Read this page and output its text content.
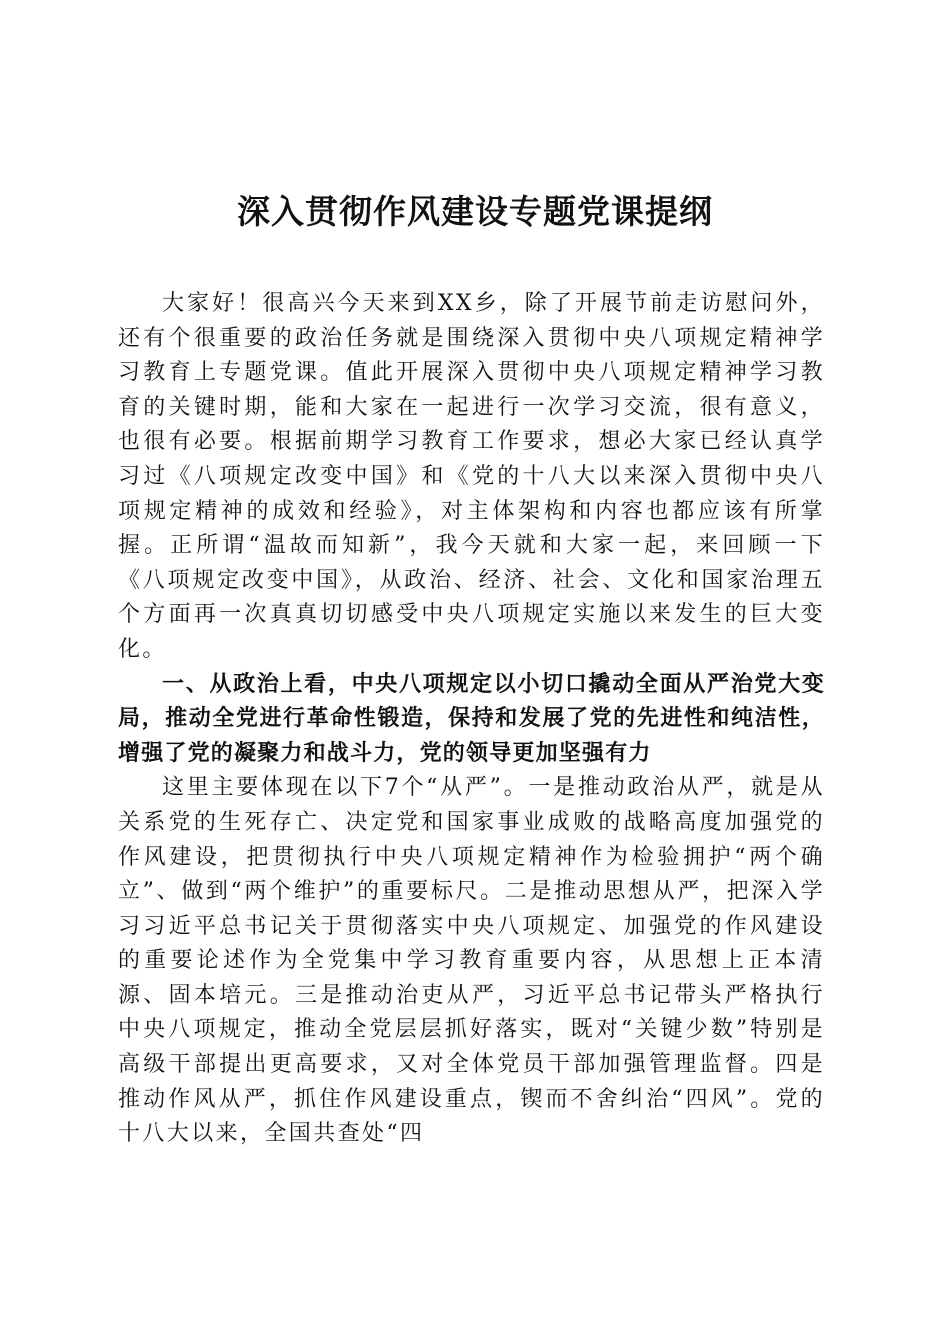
深入贯彻作风建设专题党课提纲

大家好！很高兴今天来到XX乡，除了开展节前走访慰问外，还有个很重要的政治任务就是围绕深入贯彻中央八项规定精神学习教育上专题党课。值此开展深入贯彻中央八项规定精神学习教育的关键时期，能和大家在一起进行一次学习交流，很有意义，也很有必要。根据前期学习教育工作要求，想必大家已经认真学习过《八项规定改变中国》和《党的十八大以来深入贯彻中央八项规定精神的成效和经验》，对主体架构和内容也都应该有所掌握。正所谓“温故而知新”，我今天就和大家一起，来回顾一下《八项规定改变中国》，从政治、经济、社会、文化和国家治理五个方面再一次真真切切感受中央八项规定实施以来发生的巨大变化。

一、从政治上看，中央八项规定以小切口撬动全面从严治党大变局，推动全党进行革命性锻造，保持和发展了党的先进性和纯洁性，增强了党的凝聚力和战斗力，党的领导更加坚强有力

这里主要体现在以下7个“从严”。一是推动政治从严，就是从关系党的生死存亡、决定党和国家事业成败的战略高度加强党的作风建设，把贯彻执行中央八项规定精神作为检验拥护“两个确立”、做到“两个维护”的重要标尺。二是推动思想从严，把深入学习习近平总书记关于贯彻落实中央八项规定、加强党的作风建设的重要论述作为全党集中学习教育重要内容，从思想上正本清源、固本培元。三是推动治吏从严，习近平总书记带头严格执行中央八项规定，推动全党层层抓好落实，既对“关键少数”特别是高级干部提出更高要求，又对全体党员干部加强管理监督。四是推动作风从严，抓住作风建设重点，锲而不舍纠治“四风”。党的十八大以来，全国共查处“四
